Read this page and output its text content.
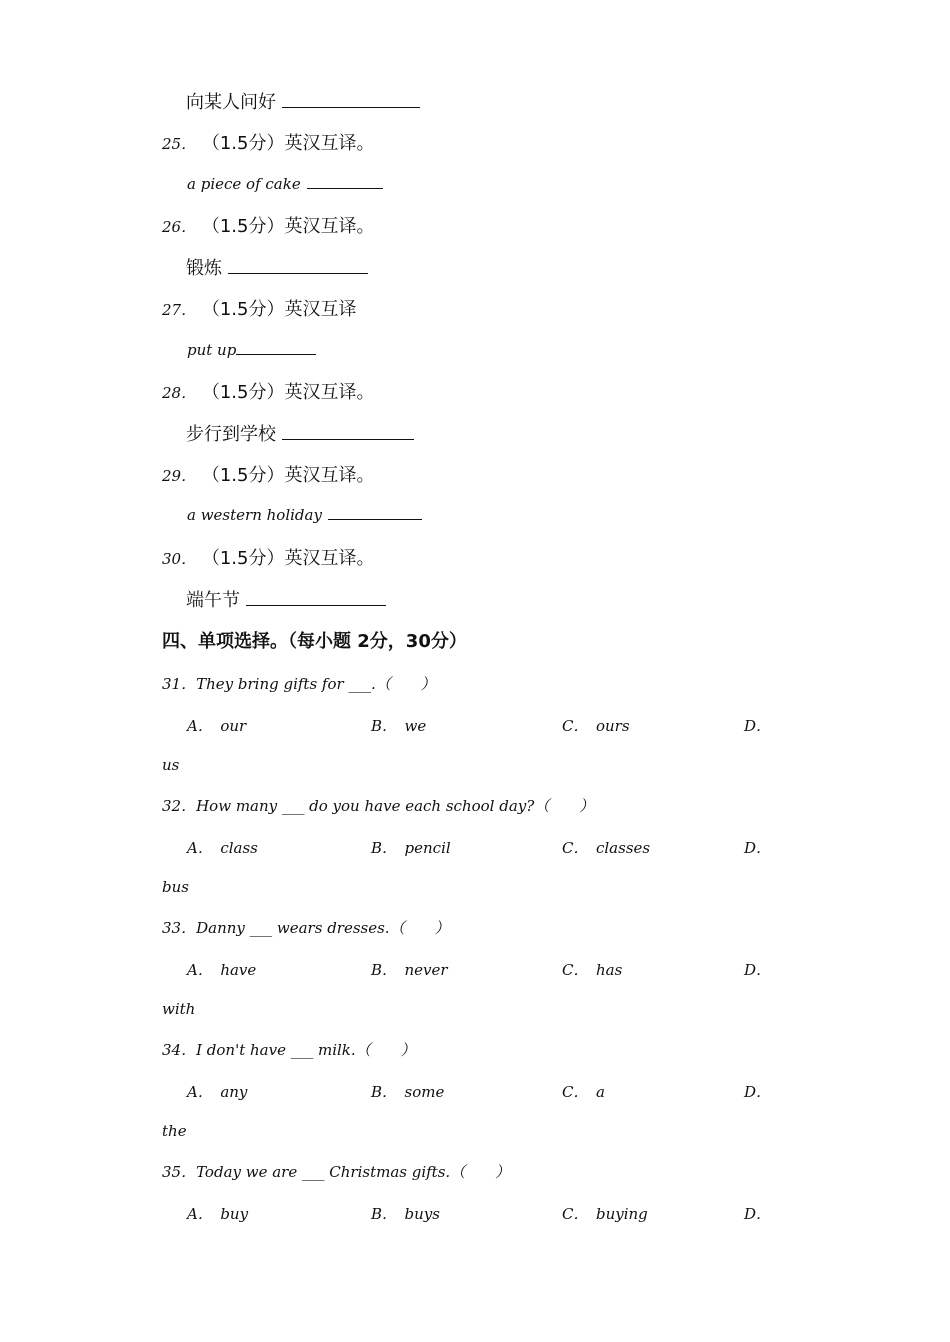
向某人问好
25． （1.5分）英汉互译。
a piece of cake
26． （1.5分）英汉互译。
锻炼
27． （1.5分）英汉互译
put up
28． （1.5分）英汉互译。
步行到学校
29． （1.5分）英汉互译。
a western holiday
30． （1.5分）英汉互译。
端午节
四、单项选择。（每小题 2分，30分）
31．They bring gifts for ___.（　　）
A．　our	B．　we	C．　ours	D．
us
32．How many ___ do you have each school day?（　　）
A．　class	B．　pencil	C．　classes	D．
bus
33．Danny ___ wears dresses.（　　）
A．　have	B．　never	C．　has	D．
with
34．I don't have ___ milk.（　　）
A．　any	B．　some	C．　a	D．
the
35．Today we are ___ Christmas gifts.（　　）
A．　buy	B．　buys	C．　buying	D．
